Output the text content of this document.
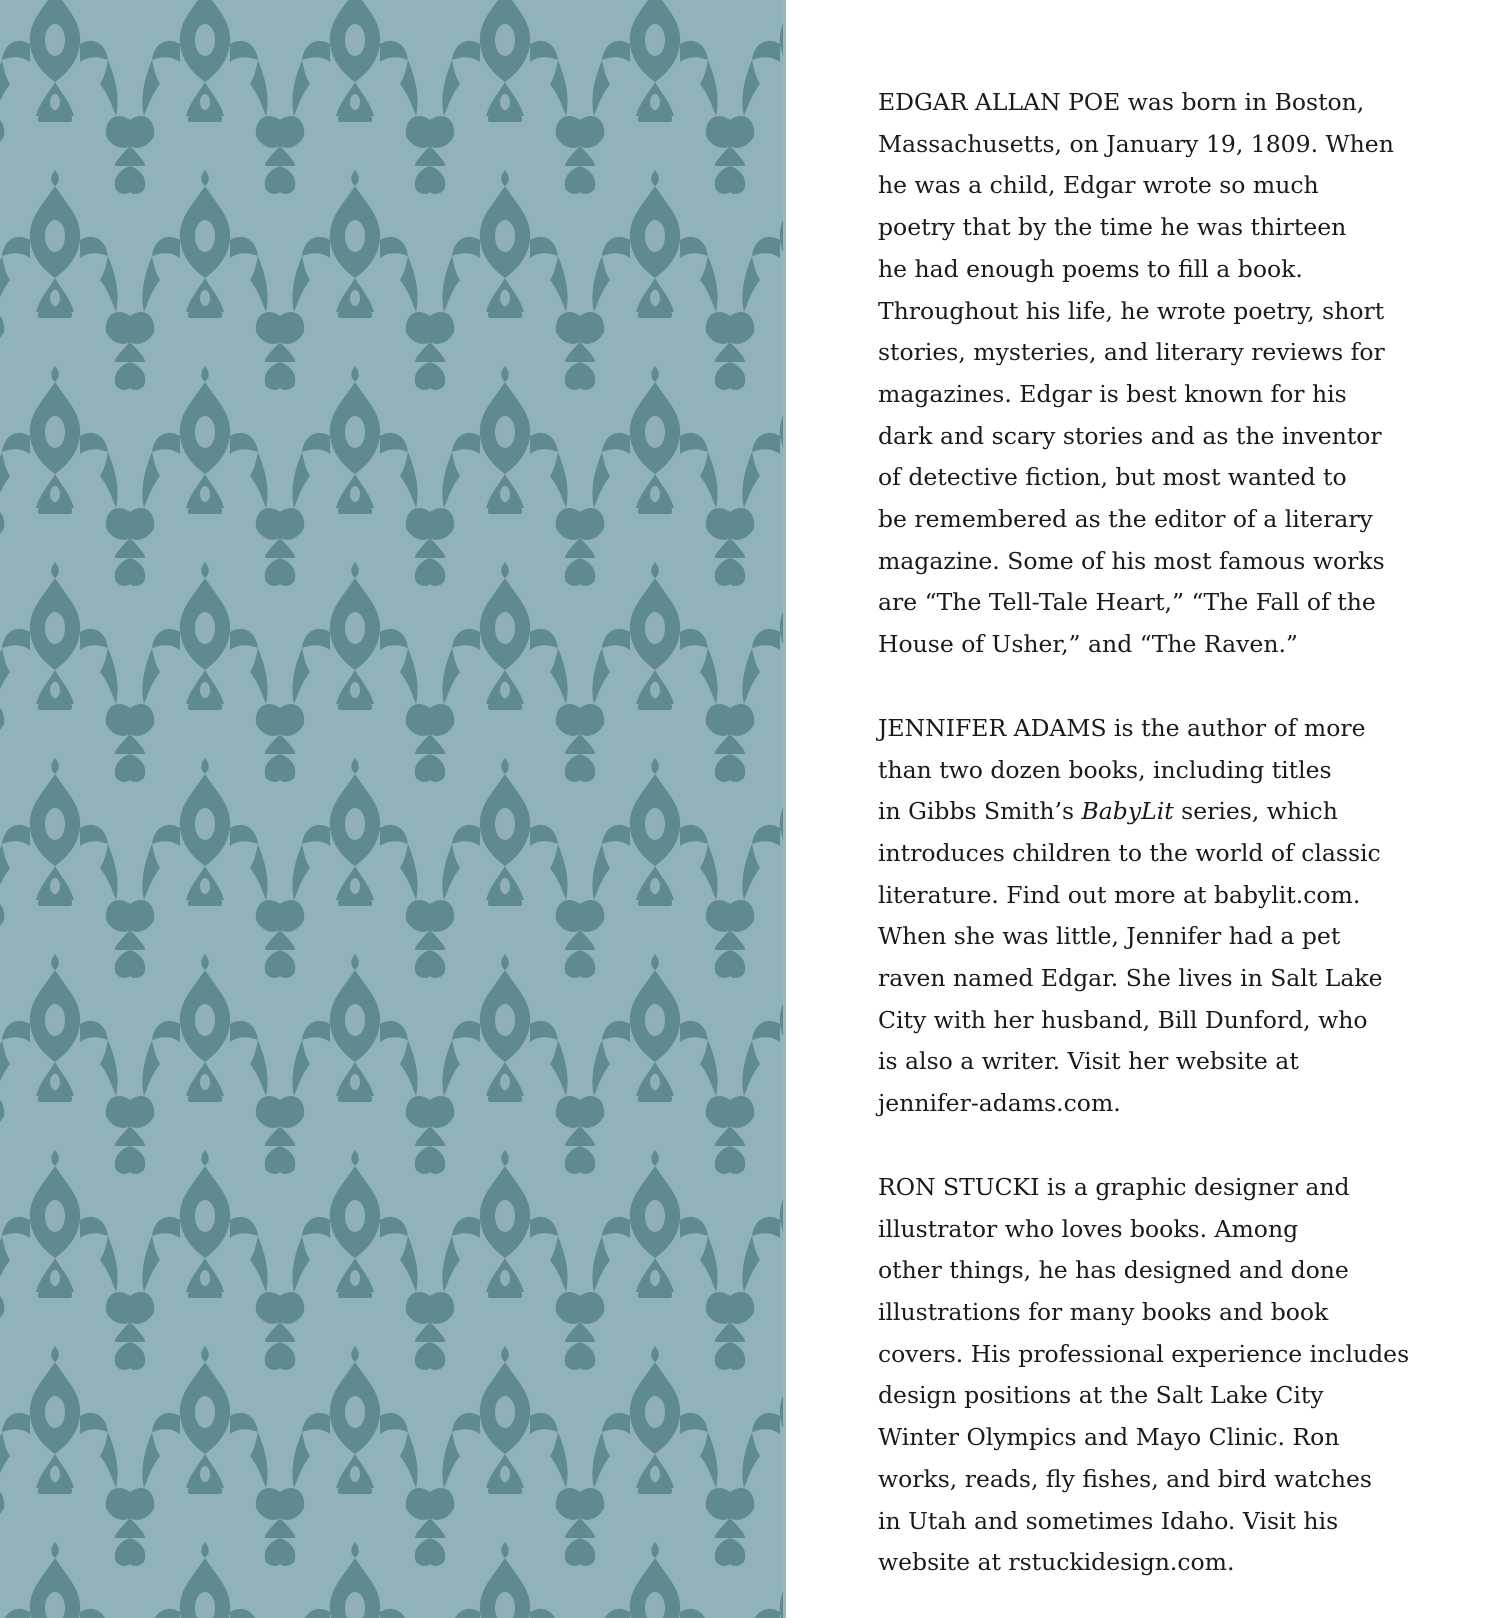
EDGAR ALLAN POE was born in Boston,
Massachusetts, on January 19, 1809. When
he was a child, Edgar wrote so much
poetry that by the time he was thirteen
he had enough poems to fill a book.
Throughout his life, he wrote poetry, short
stories, mysteries, and literary reviews for
magazines. Edgar is best known for his
dark and scary stories and as the inventor
of detective fiction, but most wanted to
be remembered as the editor of a literary
magazine. Some of his most famous works
are “The Tell-Tale Heart,” “The Fall of the
House of Usher,” and “The Raven.”

JENNIFER ADAMS is the author of more
than two dozen books, including titles
in Gibbs Smith’s BabyLit series, which
introduces children to the world of classic
literature. Find out more at babylit.com.
When she was little, Jennifer had a pet
raven named Edgar. She lives in Salt Lake
City with her husband, Bill Dunford, who
is also a writer. Visit her website at
jennifer-adams.com.

RON STUCKI is a graphic designer and
illustrator who loves books. Among
other things, he has designed and done
illustrations for many books and book
covers. His professional experience includes
design positions at the Salt Lake City
Winter Olympics and Mayo Clinic. Ron
works, reads, fly fishes, and bird watches
in Utah and sometimes Idaho. Visit his
website at rstuckidesign.com.
